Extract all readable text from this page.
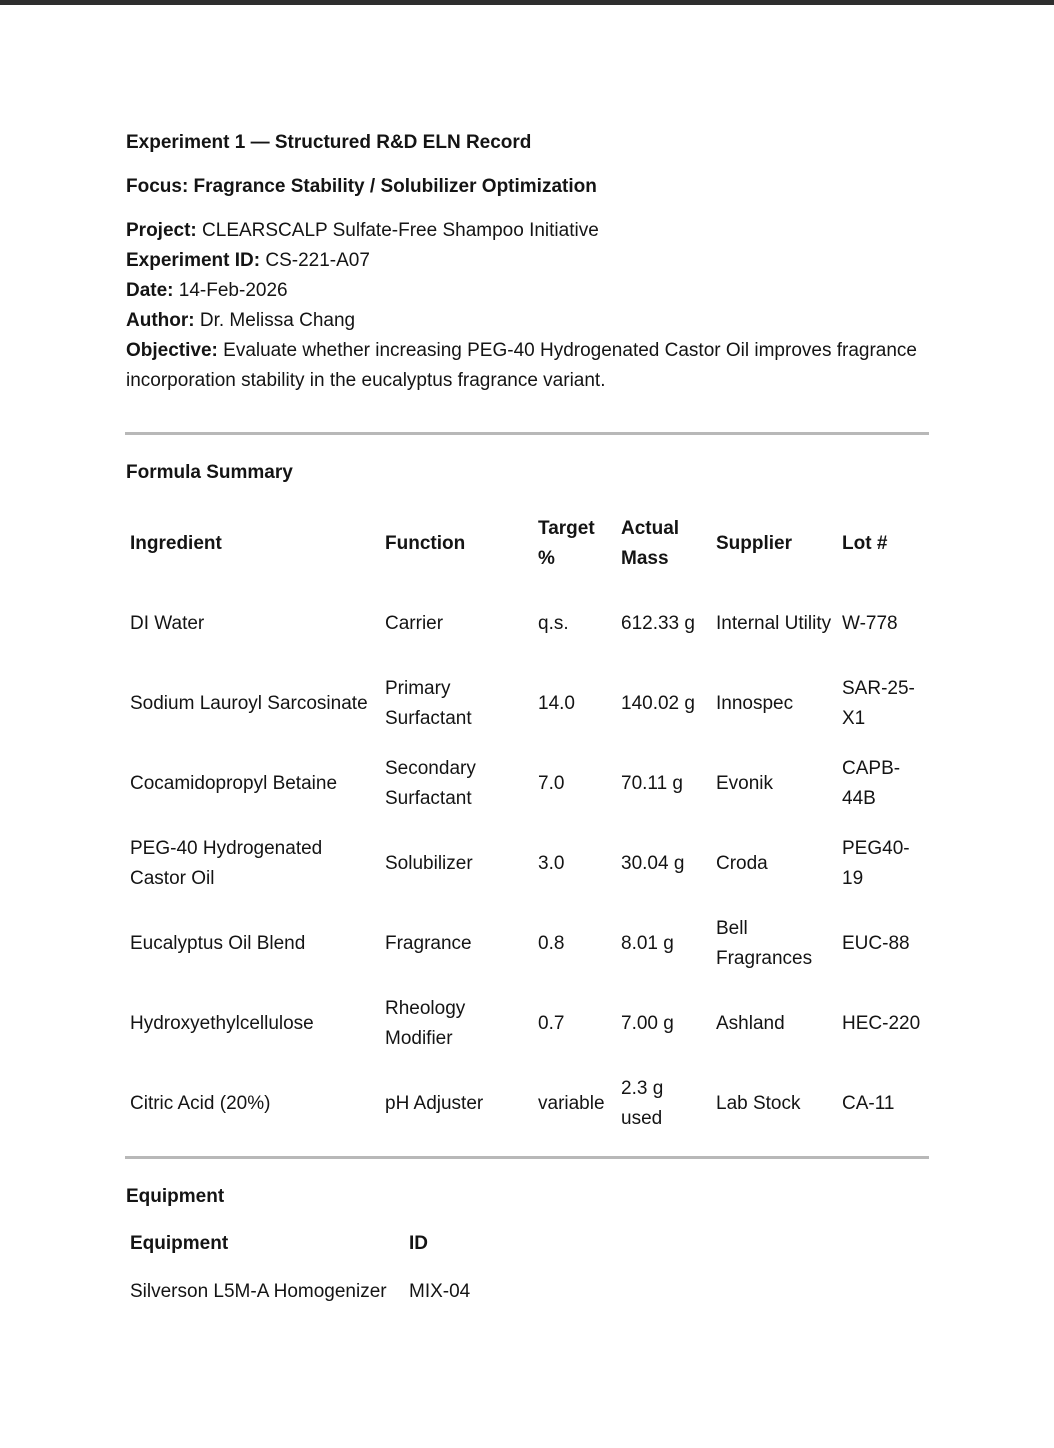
Experiment 1 — Structured R&D ELN Record

Focus: Fragrance Stability / Solubilizer Optimization

Project: CLEARSCALP Sulfate-Free Shampoo Initiative

Experiment ID: CS-221-A07

Date: 14-Feb-2026

Author: Dr. Melissa Chang

Objective: Evaluate whether increasing PEG-40 Hydrogenated Castor Oil improves fragrance incorporation stability in the eucalyptus fragrance variant.

Formula Summary

Ingredient	Function	Target %	Actual Mass	Supplier	Lot #
DI Water	Carrier	q.s.	612.33 g	Internal Utility	W-778
Sodium Lauroyl Sarcosinate	Primary Surfactant	14.0	140.02 g	Innospec	SAR-25-X1
Cocamidopropyl Betaine	Secondary Surfactant	7.0	70.11 g	Evonik	CAPB-44B
PEG-40 Hydrogenated Castor Oil	Solubilizer	3.0	30.04 g	Croda	PEG40-19
Eucalyptus Oil Blend	Fragrance	0.8	8.01 g	Bell Fragrances	EUC-88
Hydroxyethylcellulose	Rheology Modifier	0.7	7.00 g	Ashland	HEC-220
Citric Acid (20%)	pH Adjuster	variable	2.3 g used	Lab Stock	CA-11

Equipment

Equipment	ID
Silverson L5M-A Homogenizer	MIX-04
